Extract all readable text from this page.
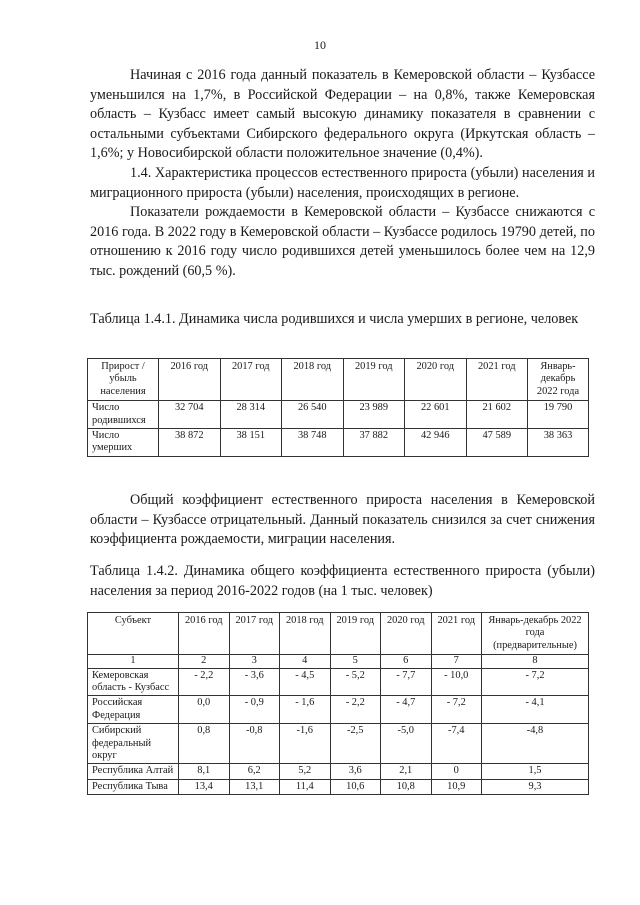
10

Начиная с 2016 года данный показатель в Кемеровской области – Кузбассе уменьшился на 1,7%, в Российской Федерации – на 0,8%, также Кемеровская область – Кузбасс имеет самый высокую динамику показателя в сравнении с остальными субъектами Сибирского федерального округа (Иркутская область – 1,6%; у Новосибирской области положительное значение (0,4%).

1.4. Характеристика процессов естественного прироста (убыли) населения и миграционного прироста (убыли) населения, происходящих в регионе.

Показатели рождаемости в Кемеровской области – Кузбассе снижаются с 2016 года. В 2022 году в Кемеровской области – Кузбассе родилось 19790 детей, по отношению к 2016 году число родившихся детей уменьшилось более чем на 12,9 тыс. рождений (60,5 %).

Таблица 1.4.1. Динамика числа родившихся и числа умерших в регионе, человек
Прирост / убыль населения	2016 год	2017 год	2018 год	2019 год	2020 год	2021 год	Январь-декабрь 2022 года
Число родившихся	32 704	28 314	26 540	23 989	22 601	21 602	19 790
Число умерших	38 872	38 151	38 748	37 882	42 946	47 589	38 363

Общий коэффициент естественного прироста населения в Кемеровской области – Кузбассе отрицательный. Данный показатель снизился за счет снижения коэффициента рождаемости, миграции населения.

Таблица 1.4.2. Динамика общего коэффициента естественного прироста (убыли) населения за период 2016-2022 годов (на 1 тыс. человек)
Субъект	2016 год	2017 год	2018 год	2019 год	2020 год	2021 год	Январь-декабрь 2022 года (предварительные)
1	2	3	4	5	6	7	8
Кемеровская область - Кузбасс	- 2,2	- 3,6	- 4,5	- 5,2	- 7,7	- 10,0	- 7,2
Российская Федерация	0,0	- 0,9	- 1,6	- 2,2	- 4,7	- 7,2	- 4,1
Сибирский федеральный округ	0,8	-0,8	-1,6	-2,5	-5,0	-7,4	-4,8
Республика Алтай	8,1	6,2	5,2	3,6	2,1	0	1,5
Республика Тыва	13,4	13,1	11,4	10,6	10,8	10,9	9,3
